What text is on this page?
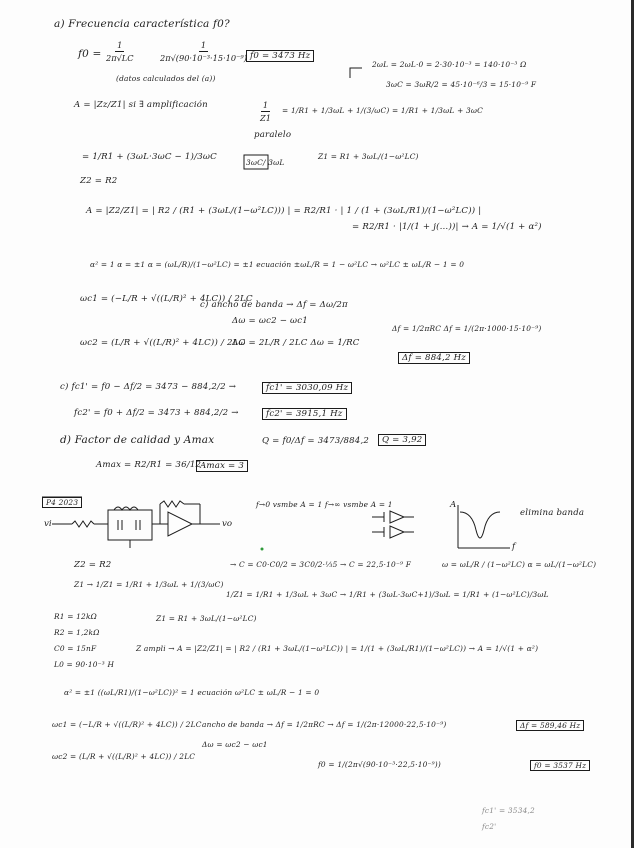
P4 2023
vi	vo
A
f
a) Frecuencia característica f0?
$f0 = \frac{1}{2\pi√LC}$	$\frac{1}{\text{2π√(90·10⁻³·15·10⁻⁹)}} f0 = 3473$ Hz
(datos calculados del (a))
2ωL = 2ωL·0 = 2·30·10⁻³ = 140·10⁻³ Ω
3ωC = 3ωR/2 = 45·10⁻⁶/3 = 15·10⁻⁹ F
A = |Zz/Z1| si ∃ amplificación	$\frac{1}{Z1} = 1/R1 + 1/3\omega L + 1/(3/\omega C) = 1/R1 + 1/3\omega L + 3\omega C$
paralelo
= 1/R1 + (3ωL·3ωC − 1)/3ωC
3ωC/ 3ωL
Z1 = R1 + 3ωL/(1−ω²LC)
Z2 = R2
A = |Z2/Z1| = | R2 / (R1 + (3ωL/(1−ω²LC))) | = R2/R1 · | 1 / (1 + (3ωL/R1)/(1−ω²LC)) |
= R2/R1 · |1/(1 + j(…))| → A = 1/√(1 + α²)
α² = 1 α = ±1 α = (ωL/R)/(1−ω²LC) = ±1 ecuación ±ωL/R = 1 − ω²LC → ω²LC ± ωL/R − 1 = 0
ωc1 = (−L/R + √((L/R)² + 4LC)) / 2LC
c) ancho de banda → Δf = Δω/2π
Δω = ωc2 − ωc1
ωc2 = (L/R + √((L/R)² + 4LC)) / 2LC
Δω = 2L/R / 2LC Δω = 1/RC
Δf = 1/2πRC Δf = 1/(2π·1000·15·10⁻⁹)
Δf = 884,2 Hz
c) fc1' = f0 − Δf/2 = 3473 − 884,2/2 →	fc1' = 3030,09 Hz
fc2' = f0 + Δf/2 = 3473 + 884,2/2 →	fc2' = 3915,1 Hz
d) Factor de calidad y Amax	Q = f0/Δf = 3473/884,2	Q = 3,92
Amax = R2/R1 = 36/12
Amax = 3
f→0 vsmbe A = 1 f→∞ vsmbe A = 1
elimina banda
ω = ωL/R / (1−ω²LC) α = ωL/(1−ω²LC)
Z2 = R2	→ C = C0·C0/2 = 3C0/2·⅓5 → C = 22,5·10⁻⁹ F
Z1 → 1/Z1 = 1/R1 + 1/3ωL + 1/(3/ωC)
1/Z1 = 1/R1 + 1/3ωL + 3ωC → 1/R1 + (3ωL·3ωC+1)/3ωL = 1/R1 + (1−ω²LC)/3ωL
R1 = 12kΩ
R2 = 1,2kΩ
C0 = 15nF
L0 = 90·10⁻³ H
Z1 = R1 + 3ωL/(1−ω²LC)
Z ampli → A = |Z2/Z1| = | R2 / (R1 + 3ωL/(1−ω²LC)) | = 1/(1 + (3ωL/R1)/(1−ω²LC)) → A = 1/√(1 + α²)
α² = ±1 ((ωL/R1)/(1−ω²LC))² = 1 ecuación ω²LC ± ωL/R − 1 = 0
ωc1 = (−L/R + √((L/R)² + 4LC)) / 2LC ancho de banda → Δf = 1/2πRC → Δf = 1/(2π·12000·22,5·10⁻⁹)	Δf = 589,46 Hz
Δω = ωc2 − ωc1
ωc2 = (L/R + √((L/R)² + 4LC)) / 2LC
f0 = 1/(2π√(90·10⁻³·22,5·10⁻⁹))	f0 = 3537 Hz
fc1' = 3534,2
fc2'
